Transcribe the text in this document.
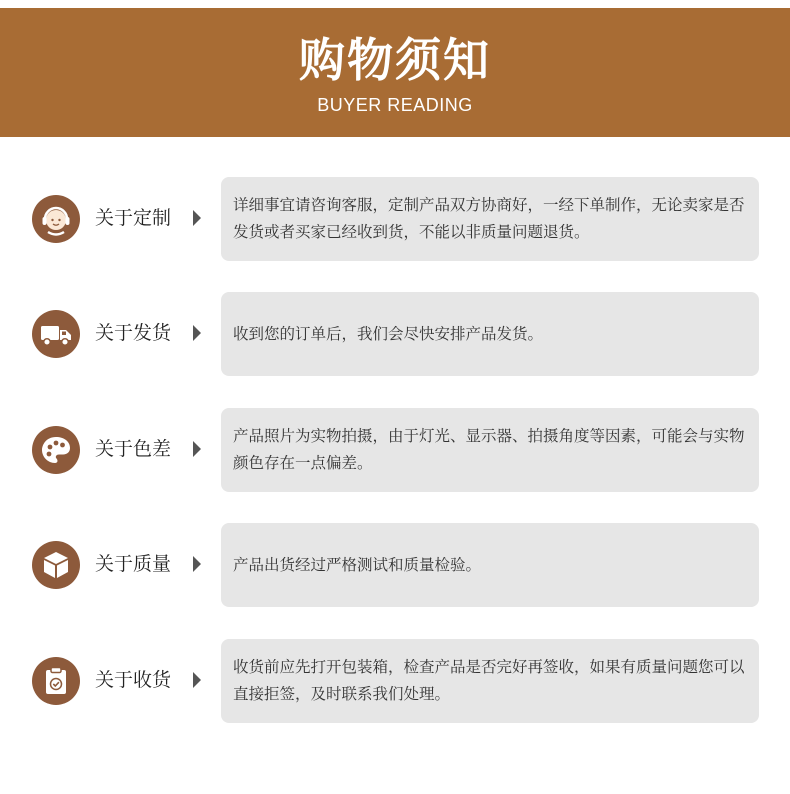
购物须知
BUYER READING
关于定制
详细事宜请咨询客服，定制产品双方协商好，一经下单制作，无论卖家是否发货或者买家已经收到货，不能以非质量问题退货。
关于发货	收到您的订单后，我们会尽快安排产品发货。
关于色差
产品照片为实物拍摄，由于灯光、显示器、拍摄角度等因素，可能会与实物颜色存在一点偏差。
关于质量	产品出货经过严格测试和质量检验。
关于收货
收货前应先打开包装箱，检查产品是否完好再签收，如果有质量问题您可以直接拒签，及时联系我们处理。
